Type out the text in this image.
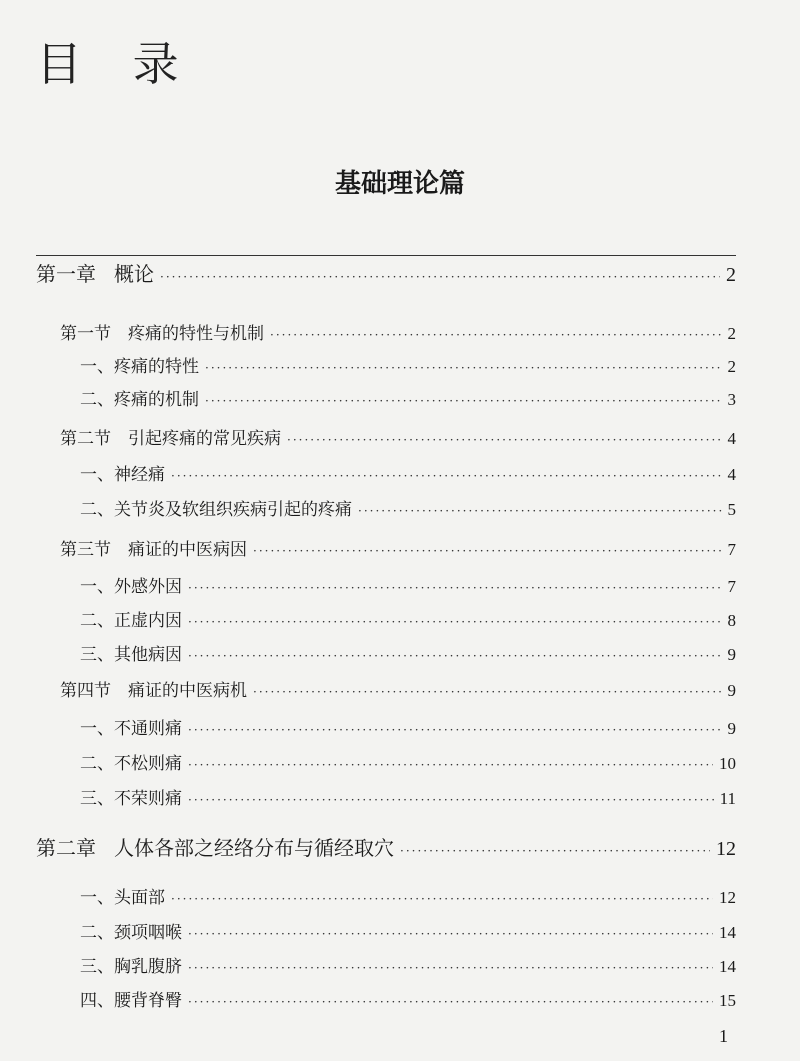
目 录
基础理论篇
第一章 概论 ·····	2
第一节　疼痛的特性与机制 ·····	2
一、疼痛的特性 ·····	2
二、疼痛的机制 ·····	3
第二节　引起疼痛的常见疾病 ·····	4
一、神经痛 ·····	4
二、关节炎及软组织疾病引起的疼痛 ·····	5
第三节　痛证的中医病因 ·····	7
一、外感外因 ·····	7
二、正虚内因 ·····	8
三、其他病因 ·····	9
第四节　痛证的中医病机 ·····	9
一、不通则痛 ·····	9
二、不松则痛 ·····	10
三、不荣则痛 ·····	11
第二章 人体各部之经络分布与循经取穴 ·····	12
一、头面部 ·····	12
二、颈项咽喉 ·····	14
三、胸乳腹脐 ·····	14
四、腰背脊臀 ·····	15
1
